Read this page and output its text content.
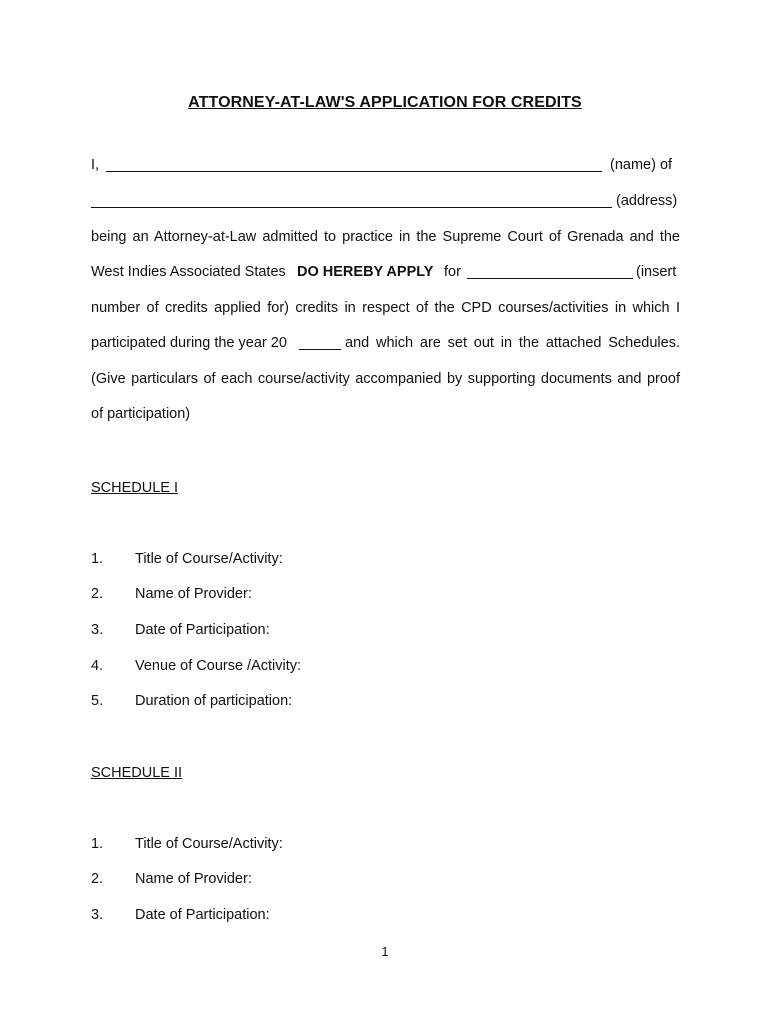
ATTORNEY-AT-LAW'S APPLICATION FOR CREDITS
I,	(name) of
(address)
being an Attorney-at-Law admitted to practice in the Supreme Court of Grenada and the
West Indies Associated States DO HEREBY APPLY for	(insert
number of credits applied for) credits in respect of the CPD courses/activities in which I
participated during the year 20	and which are set out in the attached Schedules.
(Give particulars of each course/activity accompanied by supporting documents and proof
of participation)
SCHEDULE I
1. Title of Course/Activity:
2. Name of Provider:
3. Date of Participation:
4. Venue of Course /Activity:
5. Duration of participation:
SCHEDULE II
1. Title of Course/Activity:
2. Name of Provider:
3. Date of Participation:
1
